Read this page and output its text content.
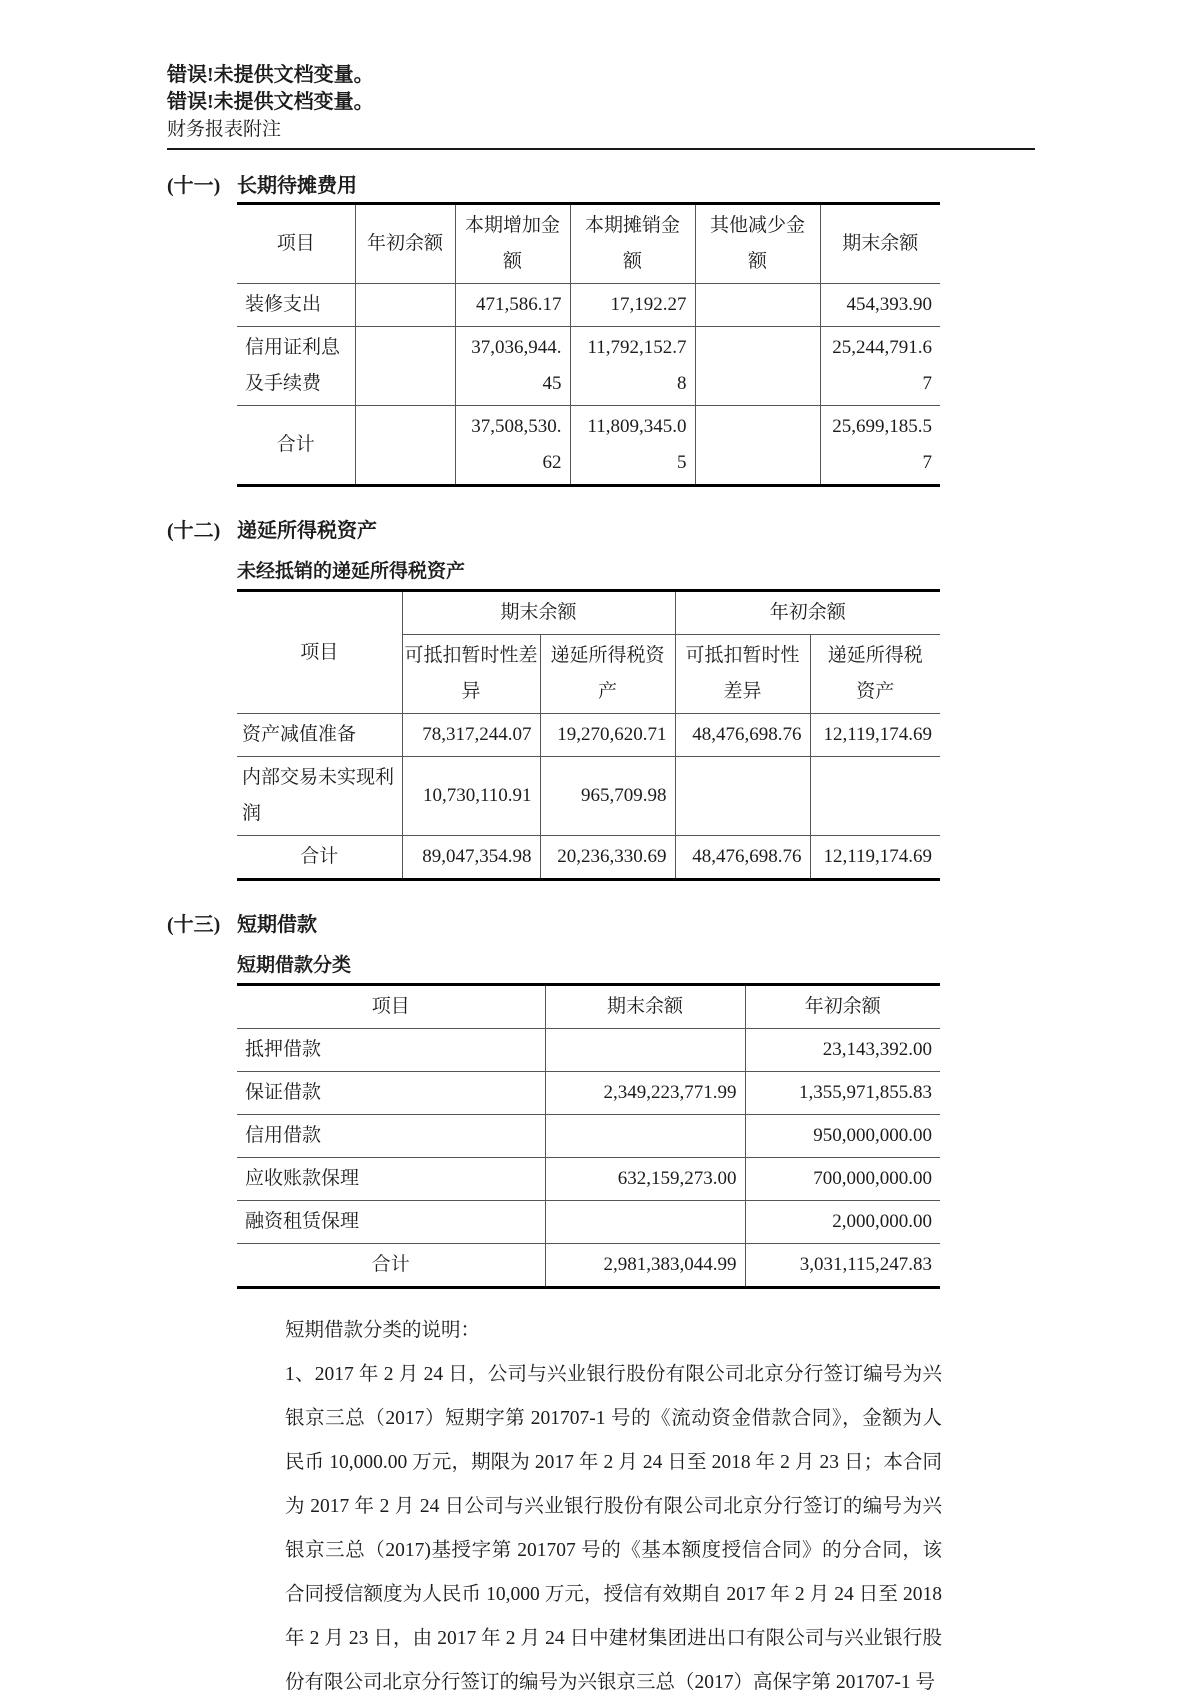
错误!未提供文档变量。
错误!未提供文档变量。
财务报表附注
(十一) 长期待摊费用
项目	年初余额	本期增加金额	本期摊销金额	其他减少金额	期末余额
装修支出		471,586.17	17,192.27		454,393.90
信用证利息及手续费		37,036,944.45	11,792,152.78		25,244,791.67
合计		37,508,530.62	11,809,345.05		25,699,185.57
(十二) 递延所得税资产
未经抵销的递延所得税资产
项目	期末余额		年初余额	
	可抵扣暂时性差异	递延所得税资产	可抵扣暂时性差异	递延所得税资产
资产减值准备	78,317,244.07	19,270,620.71	48,476,698.76	12,119,174.69
内部交易未实现利润	10,730,110.91	965,709.98		
合计	89,047,354.98	20,236,330.69	48,476,698.76	12,119,174.69
(十三) 短期借款
短期借款分类
项目	期末余额	年初余额
抵押借款		23,143,392.00
保证借款	2,349,223,771.99	1,355,971,855.83
信用借款		950,000,000.00
应收账款保理	632,159,273.00	700,000,000.00
融资租赁保理		2,000,000.00
合计	2,981,383,044.99	3,031,115,247.83
短期借款分类的说明：
1、2017 年 2 月 24 日，公司与兴业银行股份有限公司北京分行签订编号为兴银京三总（2017）短期字第 201707-1 号的《流动资金借款合同》，金额为人民币 10,000.00 万元，期限为 2017 年 2 月 24 日至 2018 年 2 月 23 日；本合同为 2017 年 2 月 24 日公司与兴业银行股份有限公司北京分行签订的编号为兴银京三总（2017)基授字第 201707 号的《基本额度授信合同》的分合同，该合同授信额度为人民币 10,000 万元，授信有效期自 2017 年 2 月 24 日至 2018 年 2 月 23 日，由 2017 年 2 月 24 日中建材集团进出口有限公司与兴业银行股份有限公司北京分行签订的编号为兴银京三总（2017）高保字第 201707-1 号
